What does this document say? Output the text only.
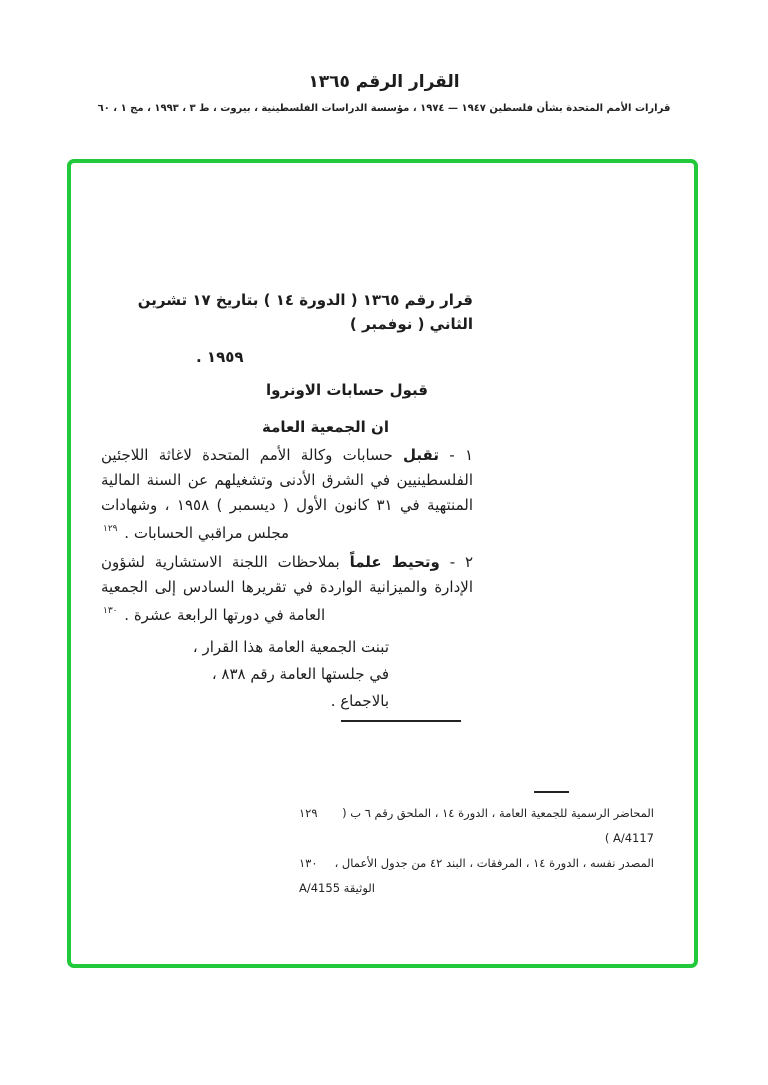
القرار الرقم ١٣٦٥
قرارات الأمم المتحدة بشأن فلسطين ١٩٤٧ — ١٩٧٤ ، مؤسسة الدراسات الفلسطينية ، بيروت ، ط ٣ ، ١٩٩٣ ، مج ١ ، ٦٠
قرار رقم ١٣٦٥ ( الدورة ١٤ ) بتاريخ ١٧ تشرين الثاني ( نوفمبر )
١٩٥٩ .
قبول حسابات الاونروا
ان الجمعية العامة

١ - تقبل حسابات وكالة الأمم المتحدة لاغاثة اللاجئين الفلسطينيين في الشرق الأدنى وتشغيلهم عن السنة المالية المنتهية في ٣١ كانون الأول ( ديسمبر ) ١٩٥٨ ، وشهادات مجلس مراقبي الحسابات . $^{١٢٩}$

٢ - وتحيط علماً بملاحظات اللجنة الاستشارية لشؤون الإدارة والميزانية الواردة في تقريرها السادس إلى الجمعية العامة في دورتها الرابعة عشرة . $^{١٣٠}$

تبنت الجمعية العامة هذا القرار ،
في جلستها العامة رقم ٨٣٨ ،
بالاجماع .
١٢٩	المحاضر الرسمية للجمعية العامة ، الدورة ١٤ ، الملحق رقم ٦ ب ( A/4117 )
١٣٠	المصدر نفسه ، الدورة ١٤ ، المرفقات ، البند ٤٢ من جدول الأعمال ،
الوثيقة A/4155
